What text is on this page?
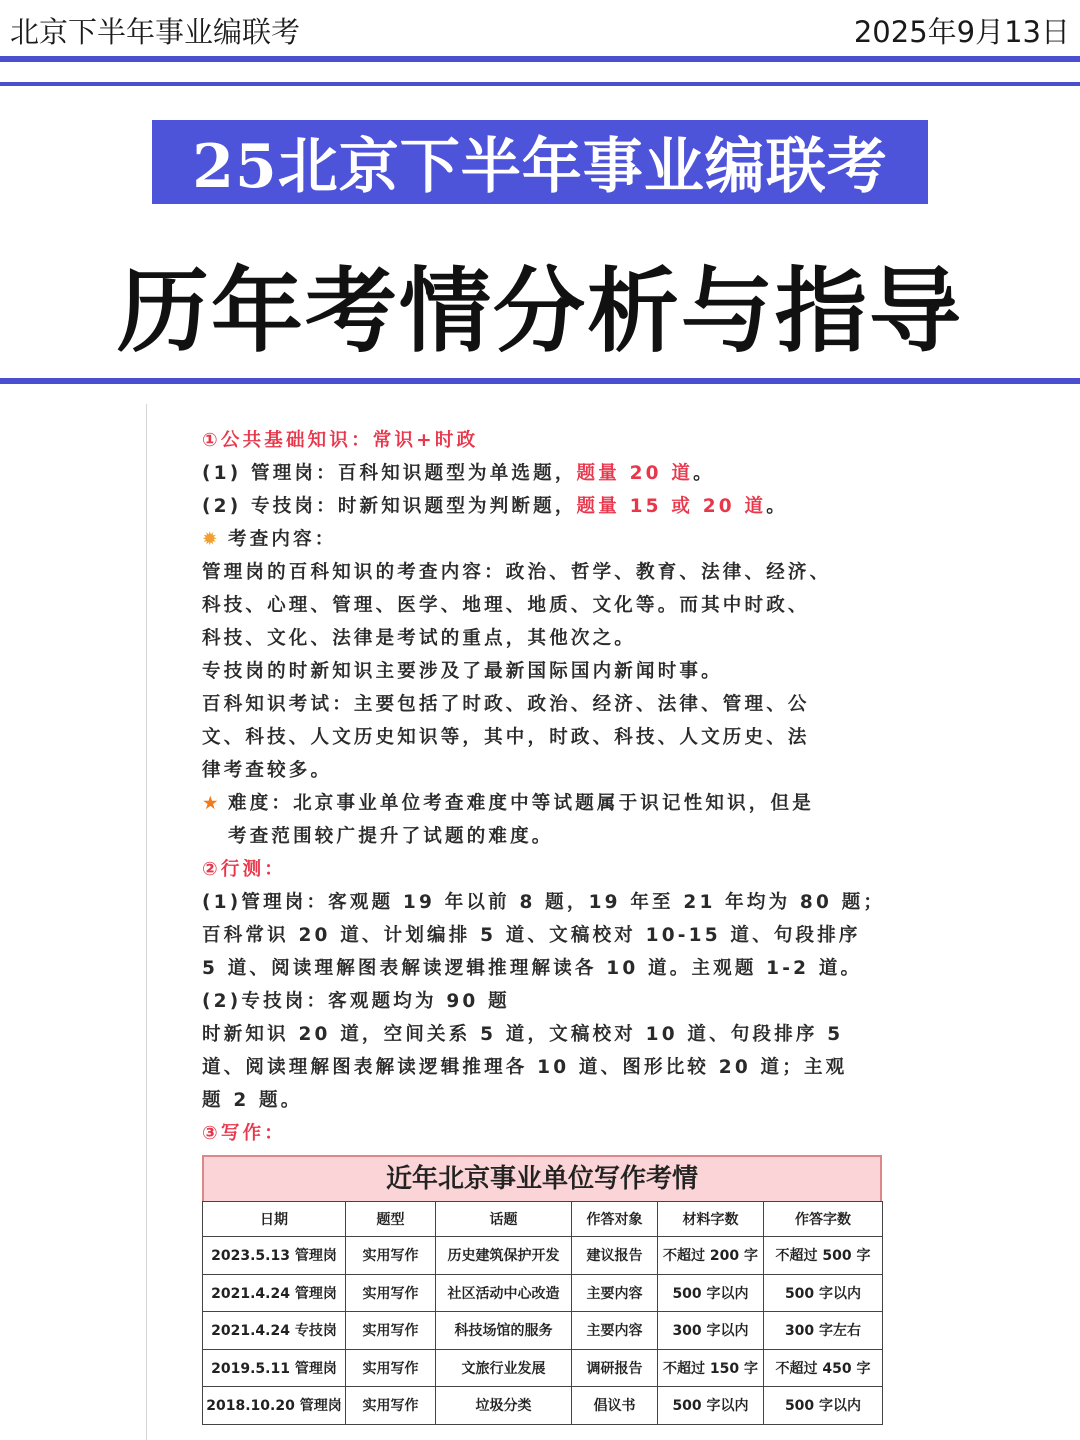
北京下半年事业编联考	2025年9月13日
25北京下半年事业编联考
历年考情分析与指导
①公共基础知识：常识+时政
(1) 管理岗：百科知识题型为单选题，题量 20 道。
(2) 专技岗：时新知识题型为判断题，题量 15 或 20 道。
✹ 考查内容：
管理岗的百科知识的考查内容：政治、哲学、教育、法律、经济、
科技、心理、管理、医学、地理、地质、文化等。而其中时政、
科技、文化、法律是考试的重点，其他次之。
专技岗的时新知识主要涉及了最新国际国内新闻时事。
百科知识考试：主要包括了时政、政治、经济、法律、管理、公
文、科技、人文历史知识等，其中，时政、科技、人文历史、法
律考查较多。
★ 难度：北京事业单位考查难度中等试题属于识记性知识，但是
考查范围较广提升了试题的难度。
②行测：
(1)管理岗：客观题 19 年以前 8 题，19 年至 21 年均为 80 题；
百科常识 20 道、计划编排 5 道、文稿校对 10-15 道、句段排序
5 道、阅读理解图表解读逻辑推理解读各 10 道。主观题 1-2 道。
(2)专技岗：客观题均为 90 题
时新知识 20 道，空间关系 5 道，文稿校对 10 道、句段排序 5
道、阅读理解图表解读逻辑推理各 10 道、图形比较 20 道；主观
题 2 题。
③写作：
近年北京事业单位写作考情
日期	题型	话题	作答对象	材料字数	作答字数
2023.5.13 管理岗	实用写作	历史建筑保护开发	建议报告	不超过 200 字	不超过 500 字
2021.4.24 管理岗	实用写作	社区活动中心改造	主要内容	500 字以内	500 字以内
2021.4.24 专技岗	实用写作	科技场馆的服务	主要内容	300 字以内	300 字左右
2019.5.11 管理岗	实用写作	文旅行业发展	调研报告	不超过 150 字	不超过 450 字
2018.10.20 管理岗	实用写作	垃圾分类	倡议书	500 字以内	500 字以内
